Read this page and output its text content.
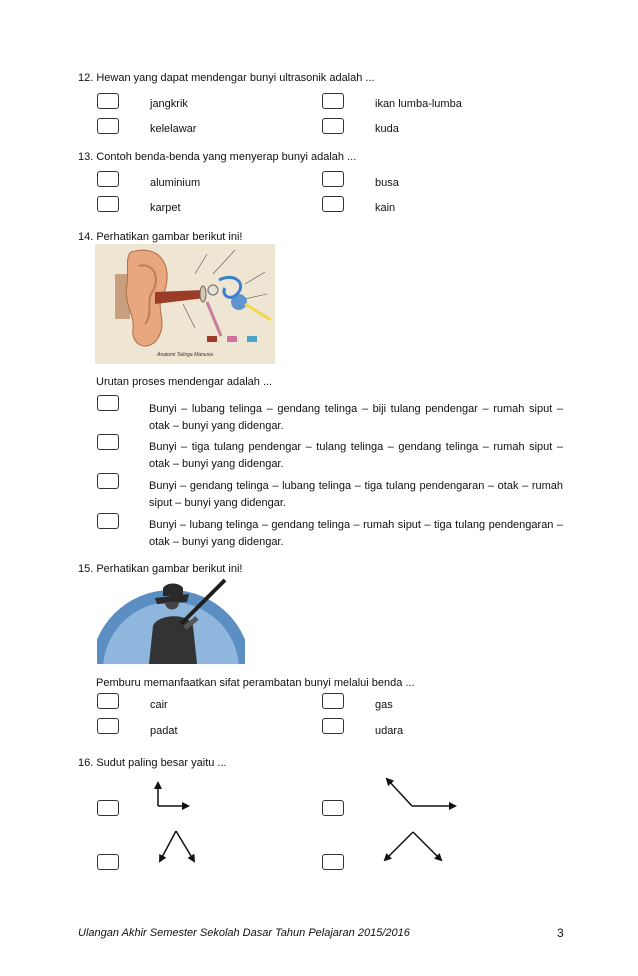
12. Hewan yang dapat mendengar bunyi ultrasonik adalah ...
jangkrik	ikan lumba-lumba
kelelawar	kuda
13. Contoh benda-benda yang menyerap bunyi adalah ...
aluminium	busa
karpet	kain
14. Perhatikan gambar berikut ini!
Anatomi Telinga Manusia
Urutan proses mendengar adalah ...
Bunyi – lubang telinga – gendang telinga – biji tulang pendengar – rumah siput – otak – bunyi yang didengar.
Bunyi – tiga tulang pendengar – tulang telinga – gendang telinga – rumah siput – otak – bunyi yang didengar.
Bunyi – gendang telinga – lubang telinga – tiga tulang pendengaran – otak – rumah siput – bunyi yang didengar.
Bunyi – lubang telinga – gendang telinga – rumah siput – tiga tulang pendengaran – otak – bunyi yang didengar.
15. Perhatikan gambar berikut ini!
Pemburu memanfaatkan sifat perambatan bunyi melalui benda ...
cair	gas
padat	udara
16. Sudut paling besar yaitu ...
Ulangan Akhir Semester Sekolah Dasar Tahun Pelajaran 2015/2016	3
